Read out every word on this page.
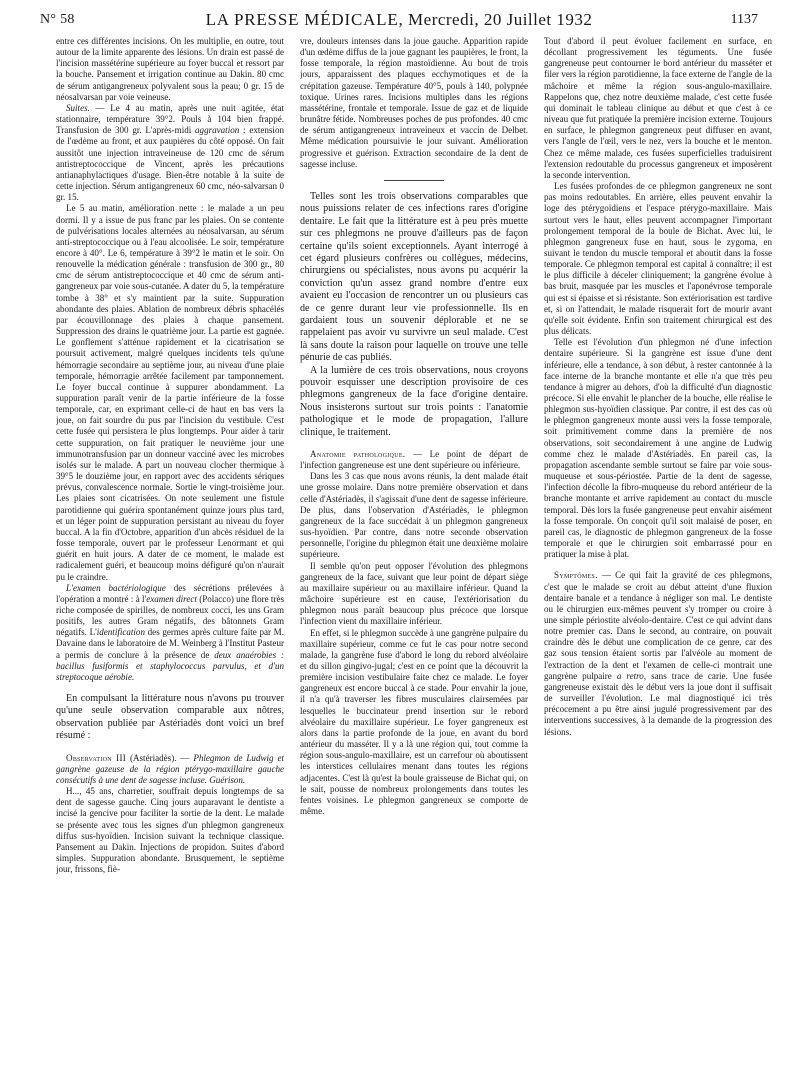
N° 58	LA PRESSE MÉDICALE, Mercredi, 20 Juillet 1932	1137

entre ces différentes incisions. On les multiplie, en outre, tout autour de la limite apparente des lésions. Un drain est passé de l'incision massétérine supérieure au foyer buccal et ressort par la bouche. Pansement et irrigation continue au Dakin. 80 cmc de sérum antigangreneux polyvalent sous la peau; 0 gr. 15 de néosalvarsan par voie veineuse.

Suites. — Le 4 au matin, après une nuit agitée, état stationnaire, température 39°2. Pouls à 104 bien frappé. Transfusion de 300 gr. L'après-midi aggravation : extension de l'œdème au front, et aux paupières du côté opposé. On fait aussitôt une injection intraveineuse de 120 cmc de sérum antistreptococcique de Vincent, après les précautions antianaphylactiques d'usage. Bien-être notable à la suite de cette injection. Sérum antigangreneux 60 cmc, néo-salvarsan 0 gr. 15.

Le 5 au matin, amélioration nette : le malade a un peu dormi. Il y a issue de pus franc par les plaies. On se contente de pulvérisations locales alternées au néosalvarsan, au sérum anti-streptococcique ou à l'eau alcoolisée. Le soir, température encore à 40°. Le 6, température à 39°2 le matin et le soir. On renouvelle la médication générale : transfusion de 300 gr., 80 cmc de sérum antistreptococcique et 40 cmc de sérum anti-gangreneux par voie sous-cutanée. A dater du 5, la température tombe à 38° et s'y maintient par la suite. Suppuration abondante des plaies. Ablation de nombreux débris sphacélés par écouvillonnage des plaies à chaque pansement. Suppression des drains le quatrième jour. La partie est gagnée. Le gonflement s'atténue rapidement et la cicatrisation se poursuit activement, malgré quelques incidents tels qu'une hémorragie secondaire au septième jour, au niveau d'une plaie temporale, hémorragie arrêtée facilement par tamponnement. Le foyer buccal continue à suppurer abondamment. La suppuration paraît venir de la partie inférieure de la fosse temporale, car, en exprimant celle-ci de haut en bas vers la joue, on fait sourdre du pus par l'incision du vestibule. C'est cette fusée qui persistera le plus longtemps. Pour aider à tarir cette suppuration, on fait pratiquer le neuvième jour une immunotransfusion par un donneur vacciné avec les microbes isolés sur le malade. A part un nouveau clocher thermique à 39°5 le douzième jour, en rapport avec des accidents sériques prévus, convalescence normale. Sortie le vingt-troisième jour. Les plaies sont cicatrisées. On note seulement une fistule parotidienne qui guérira spontanément quinze jours plus tard, et un léger point de suppuration persistant au niveau du foyer buccal. A la fin d'Octobre, apparition d'un abcès résiduel de la fosse temporale, ouvert par le professeur Lenormant et qui guérit en huit jours. A dater de ce moment, le malade est radicalement guéri, et beaucoup moins défiguré qu'on n'aurait pu le craindre.

L'examen bactériologique des sécrétions prélevées à l'opération a montré : à l'examen direct (Polacco) une flore très riche composée de spirilles, de nombreux cocci, les uns Gram positifs, les autres Gram négatifs, des bâtonnets Gram négatifs. L'identification des germes après culture faite par M. Davaine dans le laboratoire de M. Weinberg à l'Institut Pasteur a permis de conclure à la présence de deux anaérobies : bacillus fusiformis et staphylococcus parvulus, et d'un streptocoque aérobie.

En compulsant la littérature nous n'avons pu trouver qu'une seule observation comparable aux nôtres, observation publiée par Astériadès dont voici un bref résumé :

Observation III (Astériadès). — Phlegmon de Ludwig et gangrène gazeuse de la région ptérygo-maxillaire gauche consécutifs à une dent de sagesse incluse. Guérison.

H..., 45 ans, charretier, souffrait depuis longtemps de sa dent de sagesse gauche. Cinq jours auparavant le dentiste a incisé la gencive pour faciliter la sortie de la dent. Le malade se présente avec tous les signes d'un phlegmon gangreneux diffus sus-hyoïdien. Incision suivant la technique classique. Pansement au Dakin. Injections de propidon. Suites d'abord simples. Suppuration abondante. Brusquement, le septième jour, frissons, fiè-

vre, douleurs intenses dans la joue gauche. Apparition rapide d'un œdème diffus de la joue gagnant les paupières, le front, la fosse temporale, la région mastoïdienne. Au bout de trois jours, apparaissent des plaques ecchymotiques et de la crépitation gazeuse. Température 40°5, pouls à 140, polypnée toxique. Urines rares. Incisions multiples dans les régions massétérine, frontale et temporale. Issue de gaz et de liquide brunâtre fétide. Nombreuses poches de pus profondes. 40 cmc de sérum antigangreneux intraveineux et vaccin de Delbet. Même médication poursuivie le jour suivant. Amélioration progressive et guérison. Extraction secondaire de la dent de sagesse incluse.

Telles sont les trois observations comparables que nous puissions relater de ces infections rares d'origine dentaire. Le fait que la littérature est à peu près muette sur ces phlegmons ne prouve d'ailleurs pas de façon certaine qu'ils soient exceptionnels. Ayant interrogé à cet égard plusieurs confrères ou collègues, médecins, chirurgiens ou spécialistes, nous avons pu acquérir la conviction qu'un assez grand nombre d'entre eux avaient eu l'occasion de rencontrer un ou plusieurs cas de ce genre durant leur vie professionnelle. Ils en gardaient tous un souvenir déplorable et ne se rappelaient pas avoir vu survivre un seul malade. C'est là sans doute la raison pour laquelle on trouve une telle pénurie de cas publiés.

A la lumière de ces trois observations, nous croyons pouvoir esquisser une description provisoire de ces phlegmons gangreneux de la face d'origine dentaire. Nous insisterons surtout sur trois points : l'anatomie pathologique et le mode de propagation, l'allure clinique, le traitement.

Anatomie pathologique. — Le point de départ de l'infection gangreneuse est une dent supérieure ou inférieure.

Dans les 3 cas que nous avons réunis, la dent malade était une grosse molaire. Dans notre première observation et dans celle d'Astériadès, il s'agissait d'une dent de sagesse inférieure. De plus, dans l'observation d'Astériadès, le phlegmon gangreneux de la face succédait à un phlegmon gangreneux sus-hyoïdien. Par contre, dans notre seconde observation personnelle, l'origine du phlegmon était une deuxième molaire supérieure.

Il semble qu'on peut opposer l'évolution des phlegmons gangreneux de la face, suivant que leur point de départ siège au maxillaire supérieur ou au maxillaire inférieur. Quand la mâchoire supérieure est en cause, l'extériorisation du phlegmon nous paraît beaucoup plus précoce que lorsque l'infection vient du maxillaire inférieur.

En effet, si le phlegmon succède à une gangrène pulpaire du maxillaire supérieur, comme ce fut le cas pour notre second malade, la gangrène fuse d'abord le long du rebord alvéolaire et du sillon gingivo-jugal; c'est en ce point que la découvrit la première incision vestibulaire faite chez ce malade. Le foyer gangreneux est encore buccal à ce stade. Pour envahir la joue, il n'a qu'à traverser les fibres musculaires clairsemées par lesquelles le buccinateur prend insertion sur le rebord alvéolaire du maxillaire supérieur. Le foyer gangreneux est alors dans la partie profonde de la joue, en avant du bord antérieur du masséter. Il y a là une région qui, tout comme la région sous-angulo-maxillaire, est un carrefour où aboutissent les interstices cellulaires menant dans toutes les régions adjacentes. C'est là qu'est la boule graisseuse de Bichat qui, on le sait, pousse de nombreux prolongements dans toutes les fentes voisines. Le phlegmon gangreneux se comporte de même.

Tout d'abord il peut évoluer facilement en surface, en décollant progressivement les téguments. Une fusée gangreneuse peut contourner le bord antérieur du masséter et filer vers la région parotidienne, la face externe de l'angle de la mâchoire et même la région sous-angulo-maxillaire. Rappelons que, chez notre deuxième malade, c'est cette fusée qui dominait le tableau clinique au début et que c'est à ce niveau que fut pratiquée la première incision externe. Toujours en surface, le phlegmon gangreneux peut diffuser en avant, vers l'angle de l'œil, vers le nez, vers la bouche et le menton. Chez ce même malade, ces fusées superficielles traduisirent l'extension redoutable du processus gangreneux et imposèrent la seconde intervention.

Les fusées profondes de ce phlegmon gangreneux ne sont pas moins redoutables. En arrière, elles peuvent envahir la loge des ptérygoïdiens et l'espace ptérygo-maxillaire. Mais surtout vers le haut, elles peuvent accompagner l'important prolongement temporal de la boule de Bichat. Avec lui, le phlegmon gangreneux fuse en haut, sous le zygoma, en suivant le tendon du muscle temporal et aboutit dans la fosse temporale. Ce phlegmon temporal est capital à connaître; il est le plus difficile à déceler cliniquement; la gangrène évolue à bas bruit, masquée par les muscles et l'aponévrose temporale qui est si épaisse et si résistante. Son extériorisation est tardive et, si on l'attendait, le malade risquerait fort de mourir avant qu'elle soit évidente. Enfin son traitement chirurgical est des plus délicats.

Telle est l'évolution d'un phlegmon né d'une infection dentaire supérieure. Si la gangrène est issue d'une dent inférieure, elle a tendance, à son début, à rester cantonnée à la face interne de la branche montante et elle n'a que très peu tendance à migrer au dehors, d'où la difficulté d'un diagnostic précoce. Si elle envahit le plancher de la bouche, elle réalise le phlegmon sus-hyoïdien classique. Par contre, il est des cas où le phlegmon gangreneux monte aussi vers la fosse temporale, soit primitivement comme dans la première de nos observations, soit secondairement à une angine de Ludwig comme chez le malade d'Astériadès. En pareil cas, la propagation ascendante semble surtout se faire par voie sous-muqueuse et sous-périostée. Partie de la dent de sagesse, l'infection décolle la fibro-muqueuse du rebord antérieur de la branche montante et arrive rapidement au contact du muscle temporal. Dès lors la fusée gangreneuse peut envahir aisément la fosse temporale. On conçoit qu'il soit malaisé de poser, en pareil cas, le diagnostic de phlegmon gangreneux de la fosse temporale et que le chirurgien soit embarrassé pour en pratiquer la mise à plat.

Symptômes. — Ce qui fait la gravité de ces phlegmons, c'est que le malade se croit au début atteint d'une fluxion dentaire banale et a tendance à négliger son mal. Le dentiste ou le chirurgien eux-mêmes peuvent s'y tromper ou croire à une simple périostite alvéolo-dentaire. C'est ce qui advint dans notre premier cas. Dans le second, au contraire, on pouvait craindre dès le début une complication de ce genre, car des gaz sous tension étaient sortis par l'alvéole au moment de l'extraction de la dent et l'examen de celle-ci montrait une gangrène pulpaire a retro, sans trace de carie. Une fusée gangreneuse existait dès le début vers la joue dont il suffisait de surveiller l'évolution. Le mal diagnostiqué ici très précocement a pu être ainsi jugulé progressivement par des interventions successives, à la demande de la progression des lésions.
